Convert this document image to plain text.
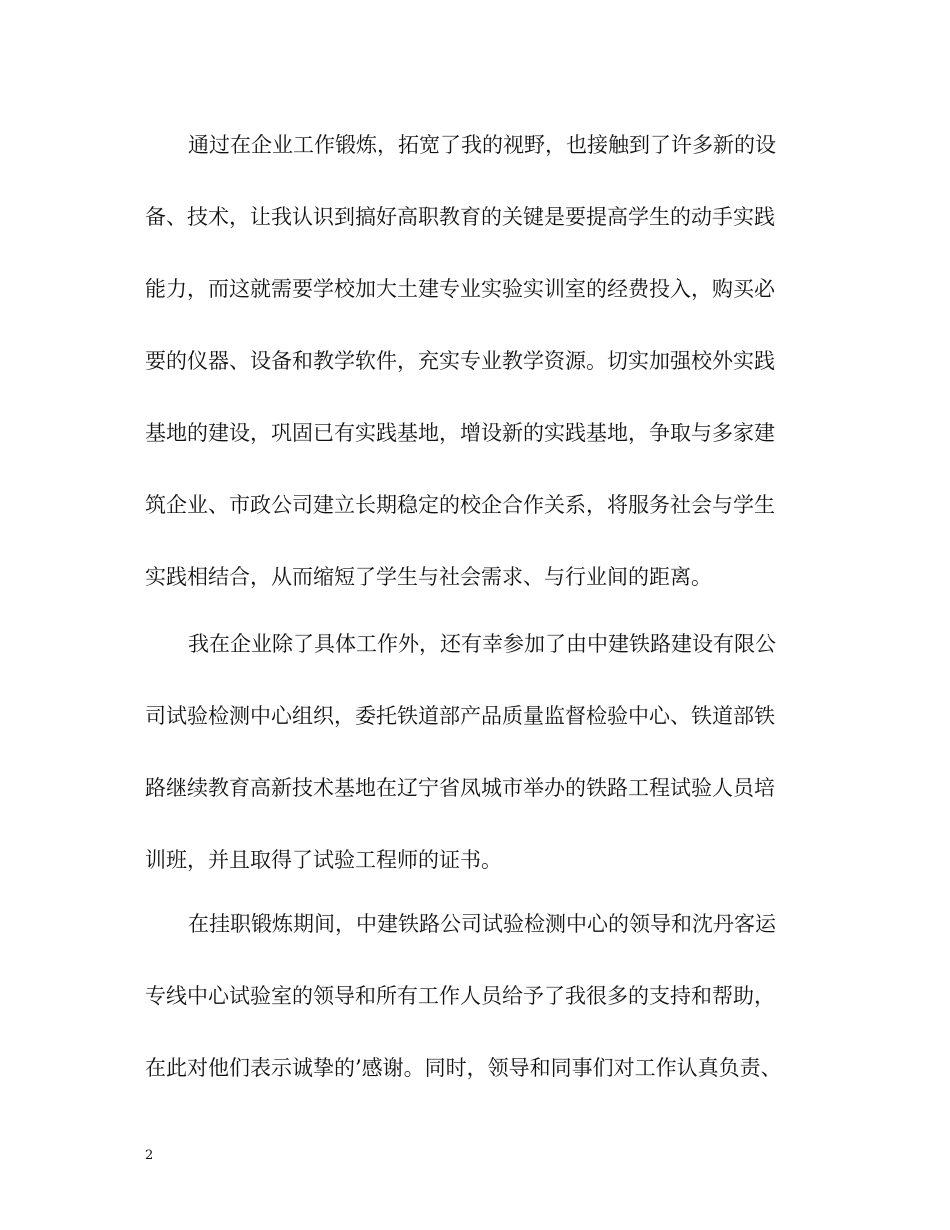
通过在企业工作锻炼，拓宽了我的视野，也接触到了许多新的设
备、技术，让我认识到搞好高职教育的关键是要提高学生的动手实践
能力，而这就需要学校加大土建专业实验实训室的经费投入，购买必
要的仪器、设备和教学软件，充实专业教学资源。切实加强校外实践
基地的建设，巩固已有实践基地，增设新的实践基地，争取与多家建
筑企业、市政公司建立长期稳定的校企合作关系，将服务社会与学生
实践相结合，从而缩短了学生与社会需求、与行业间的距离。
我在企业除了具体工作外，还有幸参加了由中建铁路建设有限公
司试验检测中心组织，委托铁道部产品质量监督检验中心、铁道部铁
路继续教育高新技术基地在辽宁省凤城市举办的铁路工程试验人员培
训班，并且取得了试验工程师的证书。
在挂职锻炼期间，中建铁路公司试验检测中心的领导和沈丹客运
专线中心试验室的领导和所有工作人员给予了我很多的支持和帮助，
在此对他们表示诚挚的’感谢。同时，领导和同事们对工作认真负责、
2
